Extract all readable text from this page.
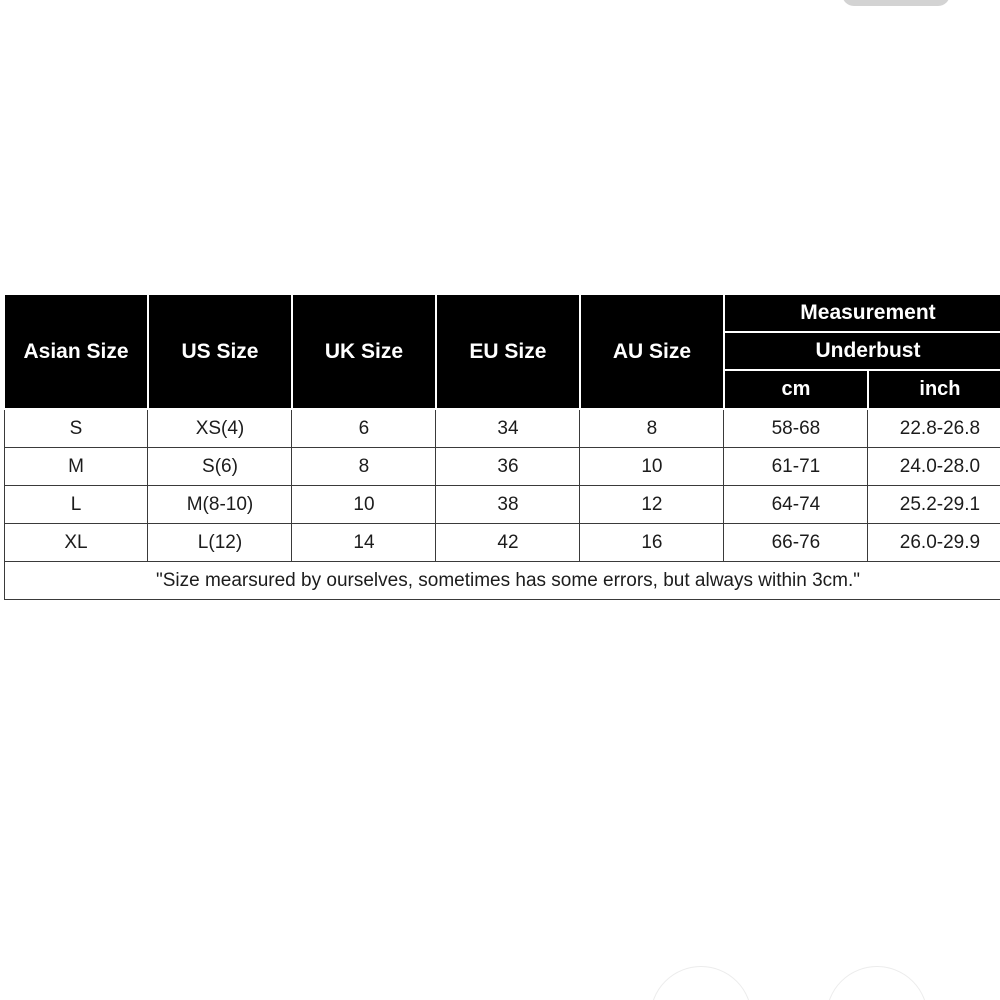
Asian Size	US Size	UK Size	EU Size	AU Size	Measurement	
					Underbust	
					cm	inch
S	XS(4)	6	34	8	58-68	22.8-26.8
M	S(6)	8	36	10	61-71	24.0-28.0
L	M(8-10)	10	38	12	64-74	25.2-29.1
XL	L(12)	14	42	16	66-76	26.0-29.9
"Size mearsured by ourselves, sometimes has some errors, but always within 3cm."						
